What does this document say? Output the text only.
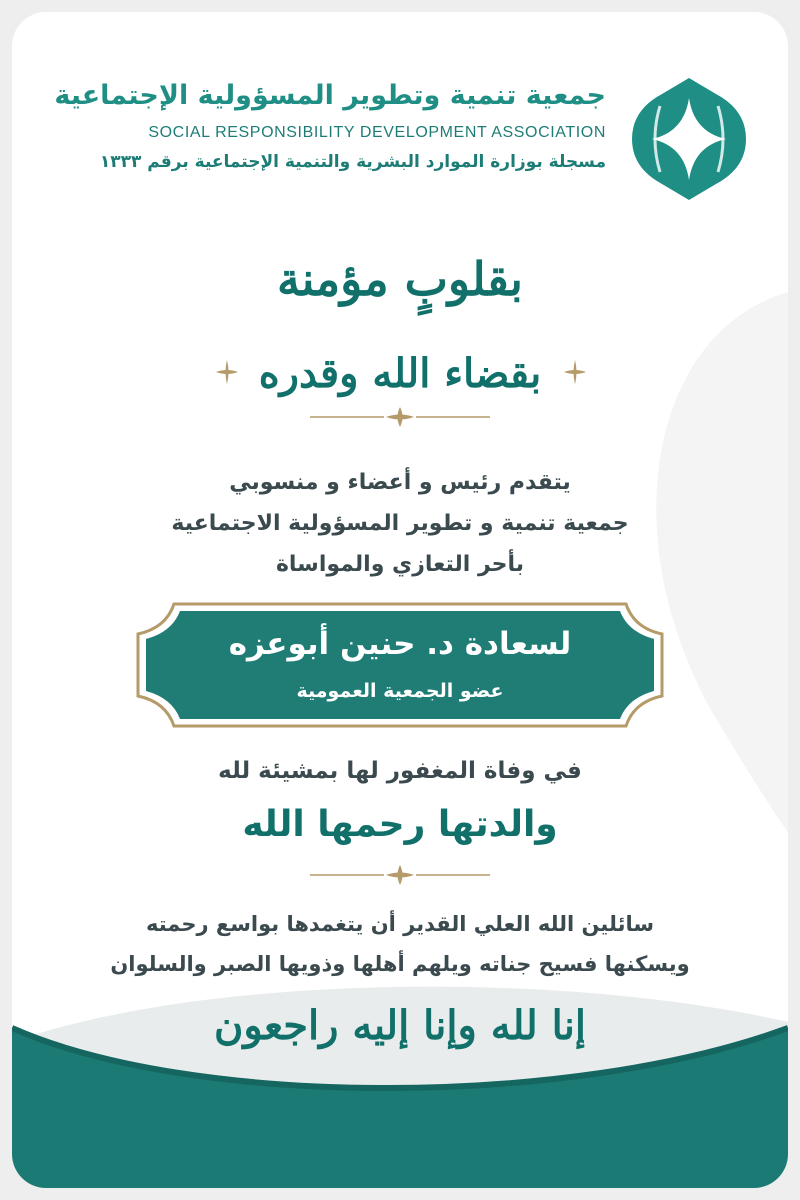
جمعية تنمية وتطوير المسؤولية الإجتماعية
SOCIAL RESPONSIBILITY DEVELOPMENT ASSOCIATION
مسجلة بوزارة الموارد البشرية والتنمية الإجتماعية برقم ١٣٣٣
بقلوبٍ مؤمنة
بقضاء الله وقدره
يتقدم رئيس و أعضاء و منسوبي
جمعية تنمية و تطوير المسؤولية الاجتماعية
بأحر التعازي والمواساة
لسعادة د. حنين أبوعزه
عضو الجمعية العمومية
في وفاة المغفور لها بمشيئة لله
والدتها رحمها الله
سائلين الله العلي القدير أن يتغمدها بواسع رحمته
ويسكنها فسيح جناته ويلهم أهلها وذويها الصبر والسلوان
إنا لله وإنا إليه راجعون
